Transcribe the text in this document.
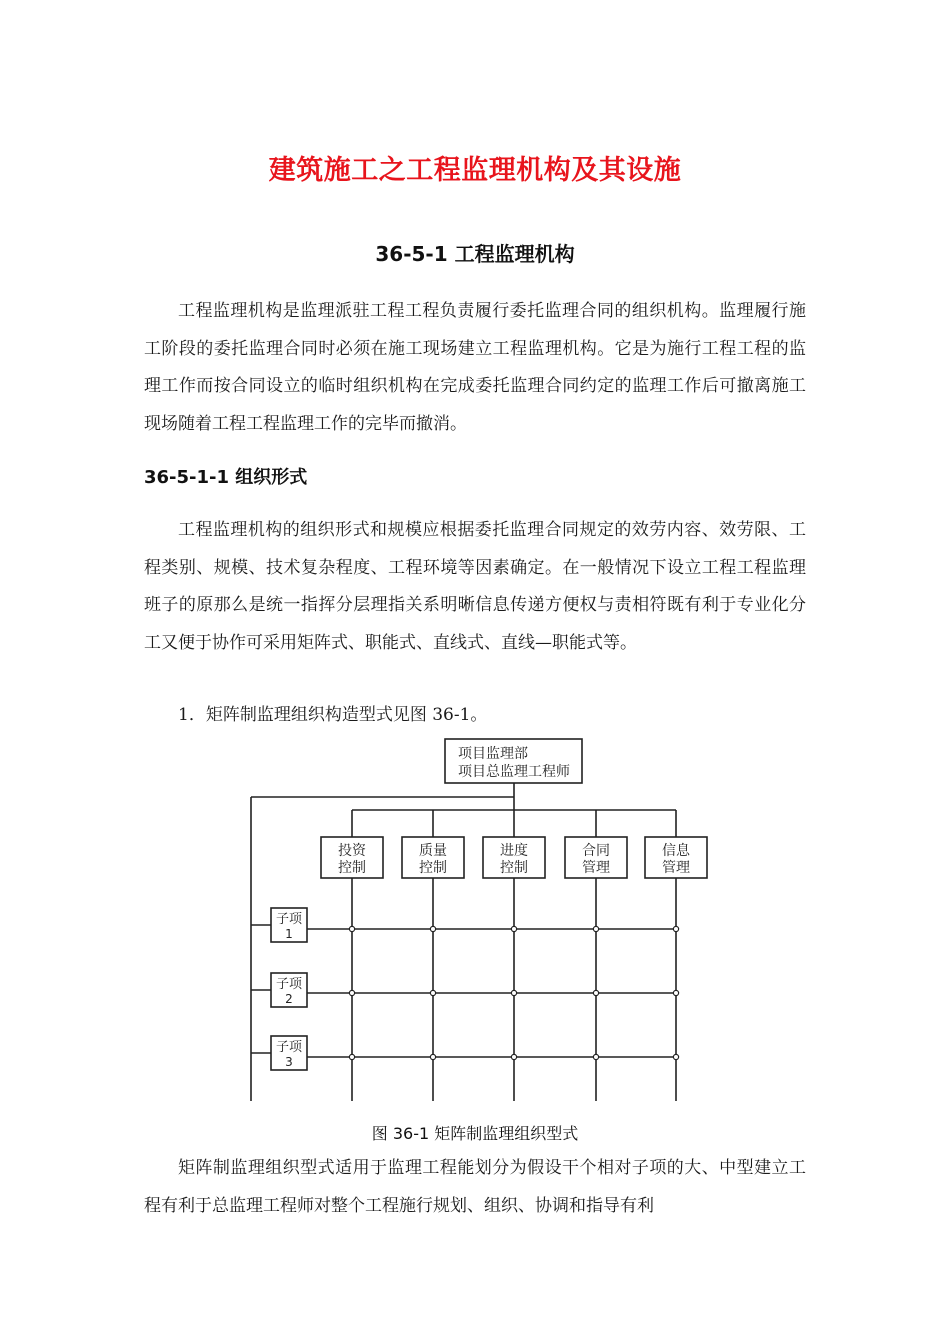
建筑施工之工程监理机构及其设施
36-5-1 工程监理机构

工程监理机构是监理派驻工程工程负责履行委托监理合同的组织机构。监理履行施工阶段的委托监理合同时必须在施工现场建立工程监理机构。它是为施行工程工程的监理工作而按合同设立的临时组织机构在完成委托监理合同约定的监理工作后可撤离施工现场随着工程工程监理工作的完毕而撤消。

36-5-1-1 组织形式

工程监理机构的组织形式和规模应根据委托监理合同规定的效劳内容、效劳限、工程类别、规模、技术复杂程度、工程环境等因素确定。在一般情况下设立工程工程监理班子的原那么是统一指挥分层理指关系明晰信息传递方便权与责相符既有利于专业化分工又便于协作可采用矩阵式、职能式、直线式、直线—职能式等。

1．矩阵制监理组织构造型式见图 36-1。
项目监理部
项目总监理工程师
投资
控制
质量
控制
进度
控制
合同
管理
信息
管理
子项
1
子项
2
子项
3
图 36-1 矩阵制监理组织型式

矩阵制监理组织型式适用于监理工程能划分为假设干个相对子项的大、中型建立工程有利于总监理工程师对整个工程施行规划、组织、协调和指导有利
